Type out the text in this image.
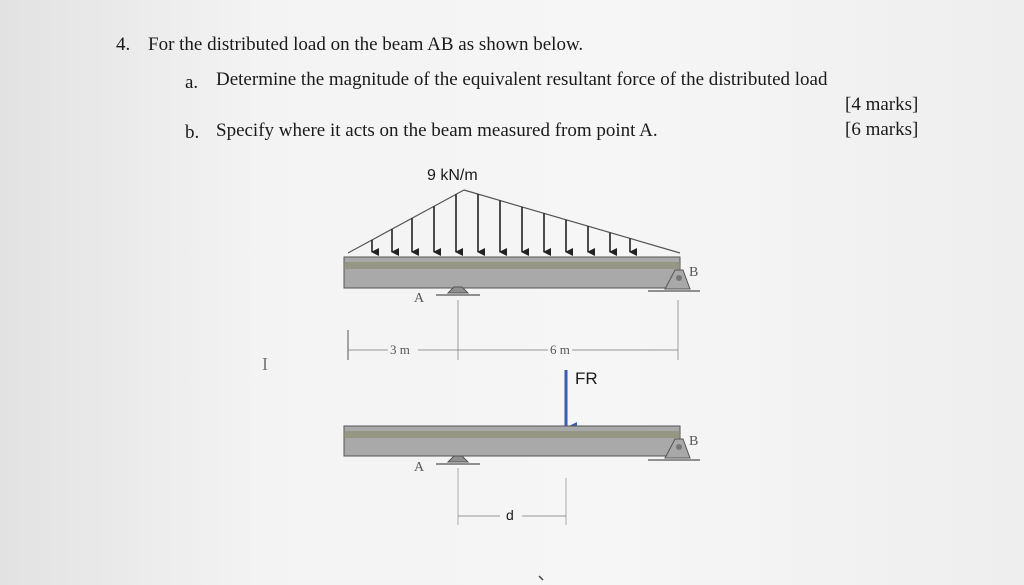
4. For the distributed load on the beam AB as shown below.
a. Determine the magnitude of the equivalent resultant force of the distributed load
[4 marks]
b. Specify where it acts on the beam measured from point A.	[6 marks]
9 kN/m
A
B
3 m	6 m
I
FR
A
B
d
